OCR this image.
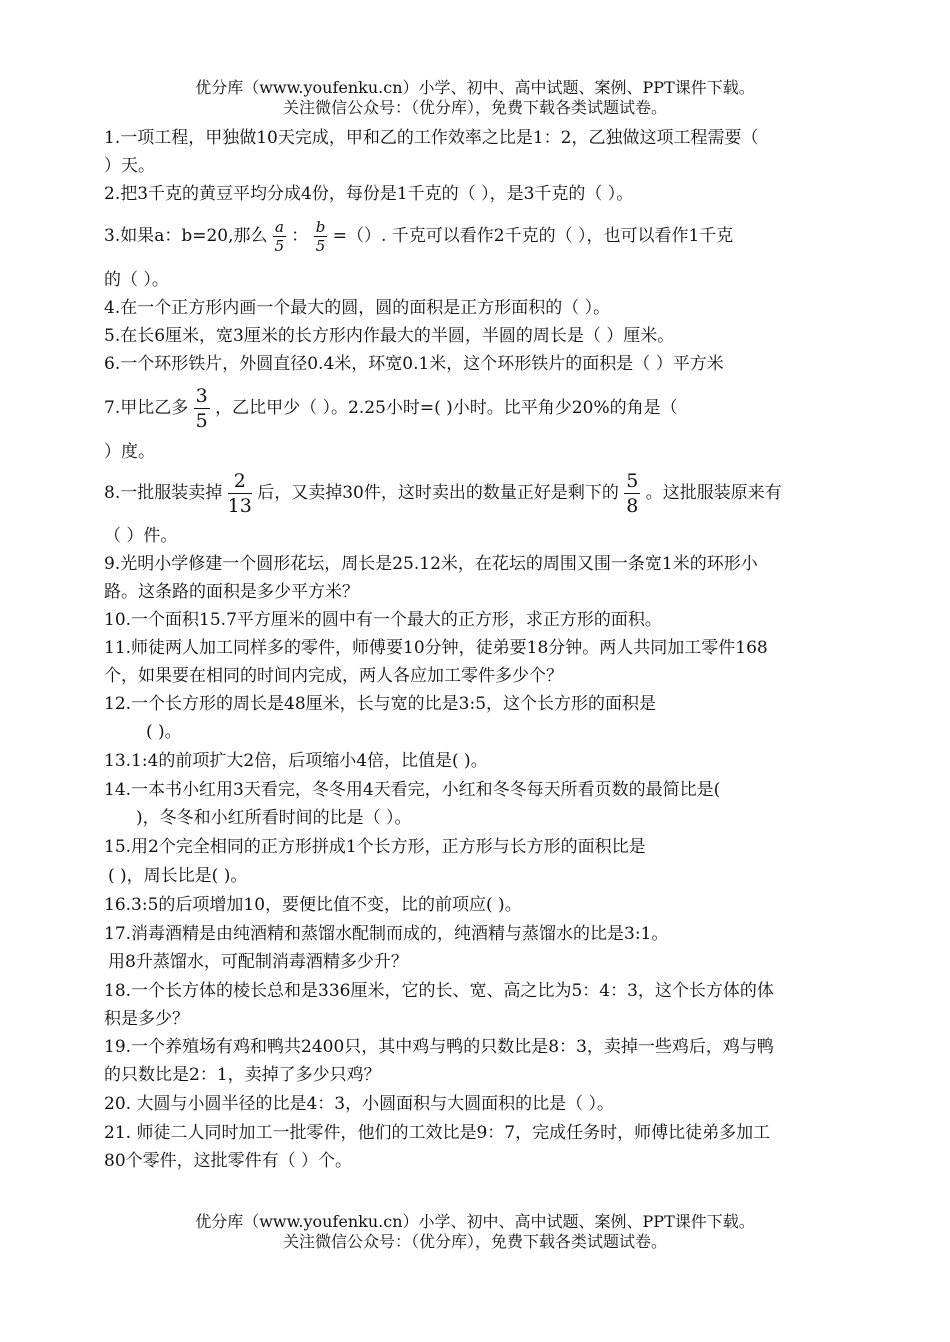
优分库（www.youfenku.cn）小学、初中、高中试题、案例、PPT课件下载。
关注微信公众号：（优分库），免费下载各类试题试卷。
1.一项工程，甲独做10天完成，甲和乙的工作效率之比是1：2，乙独做这项工程需要（
）天。
2.把3千克的黄豆平均分成4份，每份是1千克的（ ），是3千克的（ ）。
3.如果a：b=20,那么 $\frac{a}{5}$ ： $\frac{b}{5}$ =（）. 千克可以看作2千克的（ ），也可以看作1千克
的（ ）。
4.在一个正方形内画一个最大的圆，圆的面积是正方形面积的（ ）。
5.在长6厘米，宽3厘米的长方形内作最大的半圆，半圆的周长是（ ）厘米。
6.一个环形铁片，外圆直径0.4米，环宽0.1米，这个环形铁片的面积是（ ）平方米
7.甲比乙多 $\frac{3}{5}$ ，乙比甲少（ ）。2.25小时=( )小时。比平角少20%的角是（
）度。
8.一批服装卖掉 $\frac{2}{13}$ 后，又卖掉30件，这时卖出的数量正好是剩下的 $\frac{5}{8}$ 。这批服装原来有
（ ）件。
9.光明小学修建一个圆形花坛，周长是25.12米，在花坛的周围又围一条宽1米的环形小
路。这条路的面积是多少平方米？
10.一个面积15.7平方厘米的圆中有一个最大的正方形，求正方形的面积。
11.师徒两人加工同样多的零件，师傅要10分钟，徒弟要18分钟。两人共同加工零件168
个，如果要在相同的时间内完成，两人各应加工零件多少个？
12.一个长方形的周长是48厘米，长与宽的比是3:5，这个长方形的面积是
( )。
13.1:4的前项扩大2倍，后项缩小4倍，比值是( )。
14.一本书小红用3天看完，冬冬用4天看完，小红和冬冬每天所看页数的最简比是(
)，冬冬和小红所看时间的比是（ ）。
15.用2个完全相同的正方形拼成1个长方形，正方形与长方形的面积比是
( )，周长比是( )。
16.3:5的后项增加10，要便比值不变，比的前项应( )。
17.消毒酒精是由纯酒精和蒸馏水配制而成的，纯酒精与蒸馏水的比是3:1。
用8升蒸馏水，可配制消毒酒精多少升？
18.一个长方体的棱长总和是336厘米，它的长、宽、高之比为5：4：3，这个长方体的体
积是多少？
19.一个养殖场有鸡和鸭共2400只，其中鸡与鸭的只数比是8：3，卖掉一些鸡后，鸡与鸭
的只数比是2：1，卖掉了多少只鸡？
20. 大圆与小圆半径的比是4：3，小圆面积与大圆面积的比是（ ）。
21. 师徒二人同时加工一批零件，他们的工效比是9：7，完成任务时，师傅比徒弟多加工
80个零件，这批零件有（ ）个。
优分库（www.youfenku.cn）小学、初中、高中试题、案例、PPT课件下载。
关注微信公众号：（优分库），免费下载各类试题试卷。
